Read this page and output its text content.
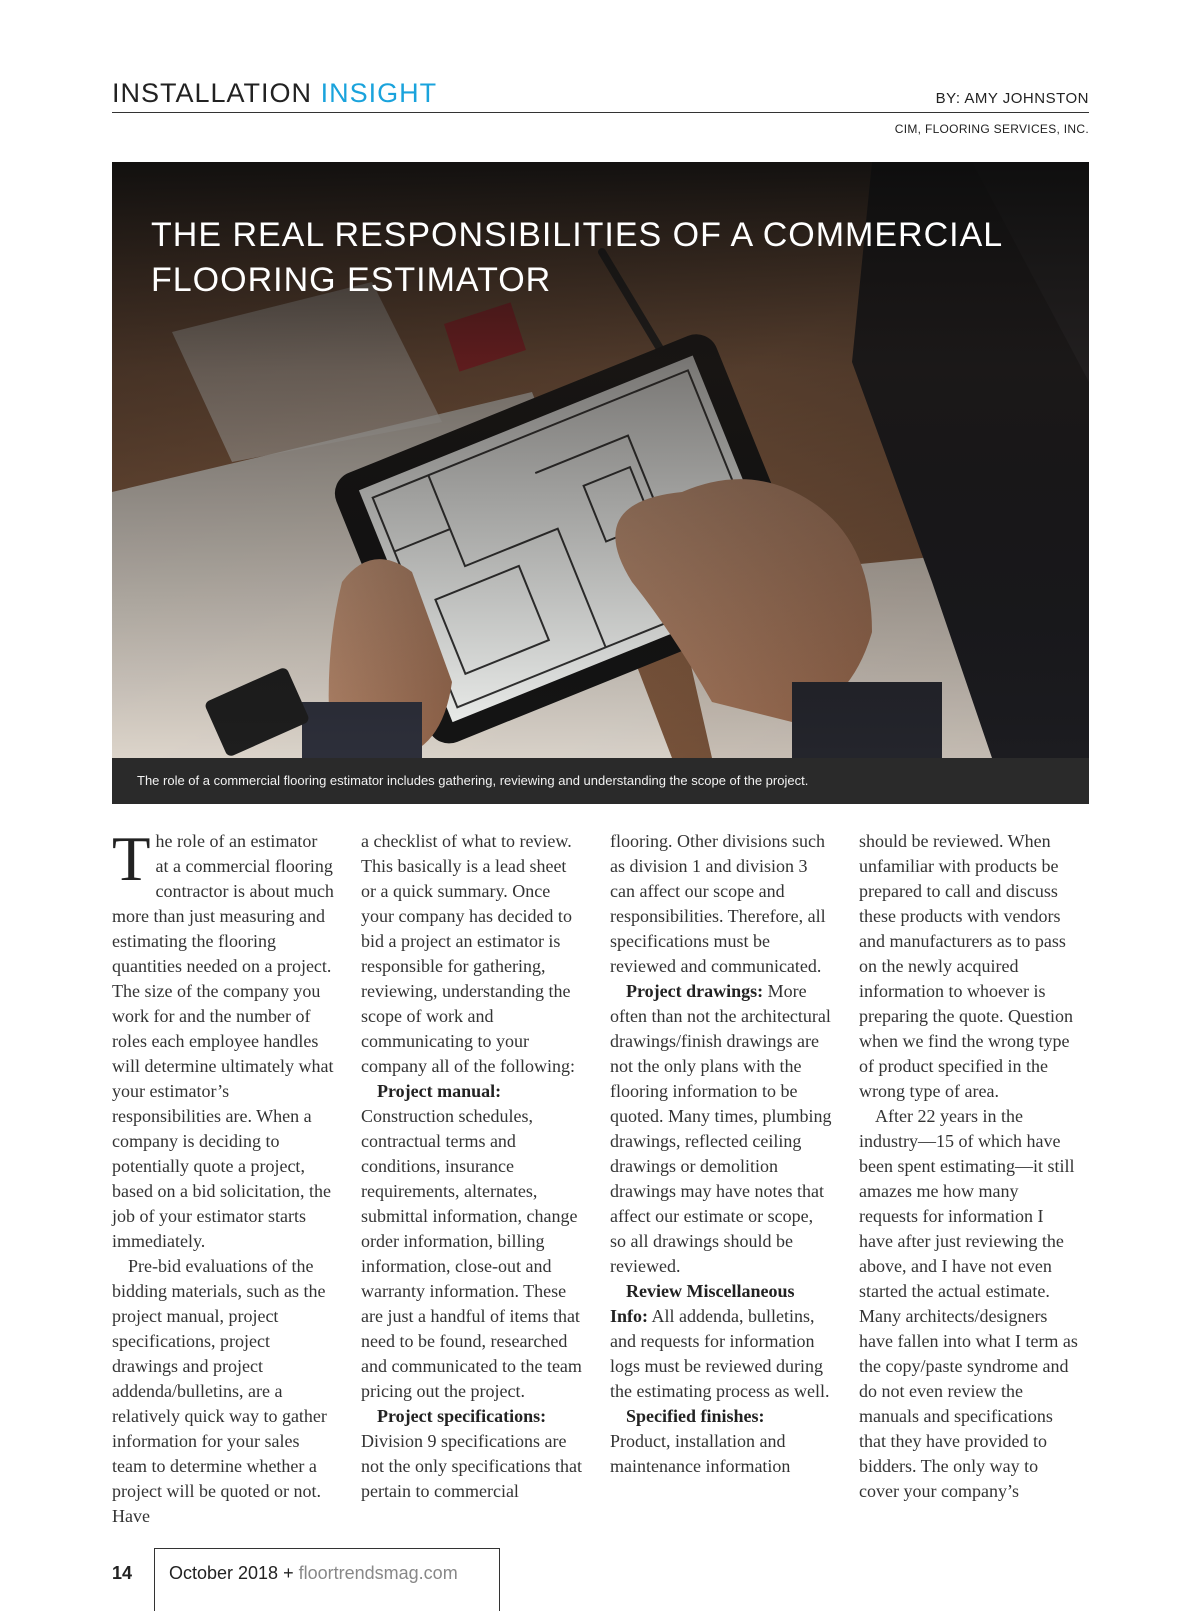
INSTALLATION INSIGHT	BY: AMY JOHNSTON
CIM, FLOORING SERVICES, INC.
THE REAL RESPONSIBILITIES OF A COMMERCIAL
FLOORING ESTIMATOR
The role of a commercial flooring estimator includes gathering, reviewing and understanding the scope of the project.

The role of an estimator at a commercial flooring contractor is about much more than just measuring and estimating the flooring quantities needed on a project. The size of the company you work for and the number of roles each employee handles will determine ultimately what your estimator’s responsibilities are. When a company is deciding to potentially quote a project, based on a bid solicitation, the job of your estimator starts immediately.

Pre-bid evaluations of the bidding materials, such as the project manual, project specifications, project drawings and project addenda/bulletins, are a relatively quick way to gather information for your sales team to determine whether a project will be quoted or not. Have

a checklist of what to review. This basically is a lead sheet or a quick summary. Once your company has decided to bid a project an estimator is responsible for gathering, reviewing, understanding the scope of work and communicating to your company all of the following:

Project manual:

Construction schedules, contractual terms and conditions, insurance requirements, alternates, submittal information, change order information, billing information, close-out and warranty information. These are just a handful of items that need to be found, researched and communicated to the team pricing out the project.

Project specifications:

Division 9 specifications are not the only specifications that pertain to commercial

flooring. Other divisions such as division 1 and division 3 can affect our scope and responsibilities. Therefore, all specifications must be reviewed and communicated.

Project drawings: More often than not the architectural drawings/finish drawings are not the only plans with the flooring information to be quoted. Many times, plumbing drawings, reflected ceiling drawings or demolition drawings may have notes that affect our estimate or scope, so all drawings should be reviewed.

Review Miscellaneous Info: All addenda, bulletins, and requests for information logs must be reviewed during the estimating process as well.

Specified finishes:

Product, installation and maintenance information

should be reviewed. When unfamiliar with products be prepared to call and discuss these products with vendors and manufacturers as to pass on the newly acquired information to whoever is preparing the quote. Question when we find the wrong type of product specified in the wrong type of area.

After 22 years in the industry—15 of which have been spent estimating—it still amazes me how many requests for information I have after just reviewing the above, and I have not even started the actual estimate. Many architects/designers have fallen into what I term as the copy/paste syndrome and do not even review the manuals and specifications that they have provided to bidders. The only way to cover your company’s

14 October 2018 + floortrendsmag.com
